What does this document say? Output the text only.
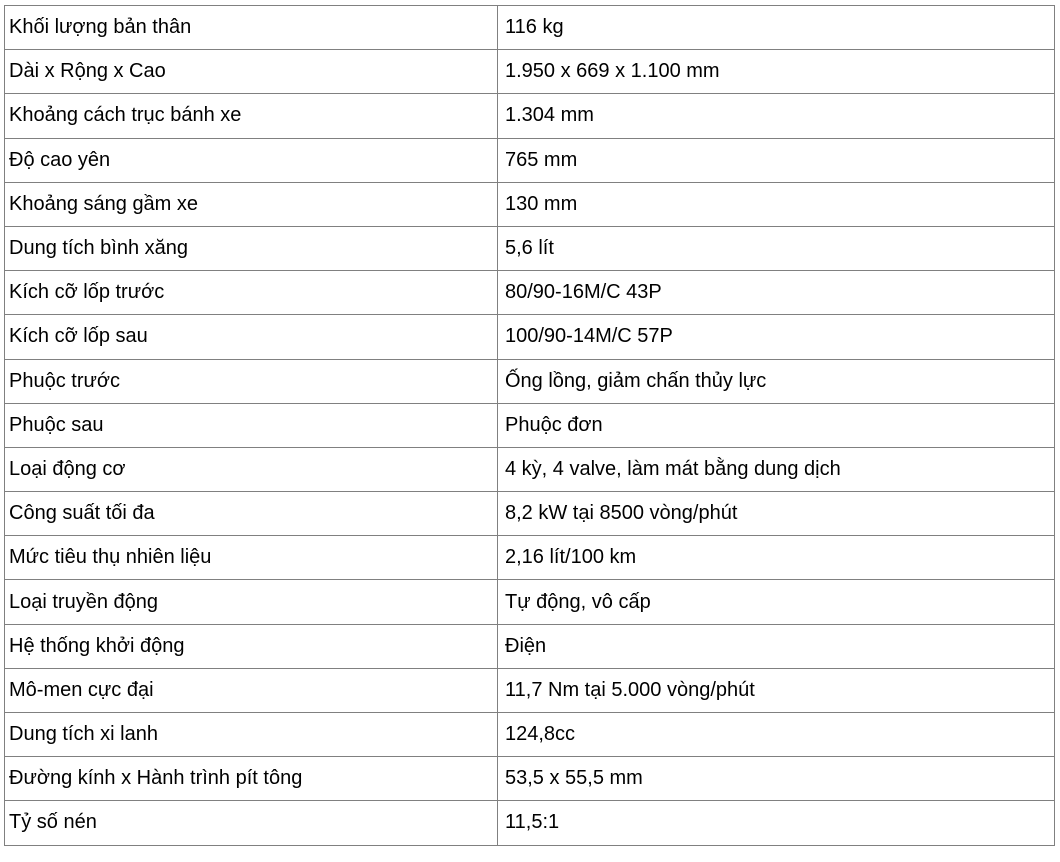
Khối lượng bản thân	116 kg
Dài x Rộng x Cao	1.950 x 669 x 1.100 mm
Khoảng cách trục bánh xe	1.304 mm
Độ cao yên	765 mm
Khoảng sáng gầm xe	130 mm
Dung tích bình xăng	5,6 lít
Kích cỡ lốp trước	80/90-16M/C 43P
Kích cỡ lốp sau	100/90-14M/C 57P
Phuộc trước	Ống lồng, giảm chấn thủy lực
Phuộc sau	Phuộc đơn
Loại động cơ	4 kỳ, 4 valve, làm mát bằng dung dịch
Công suất tối đa	8,2 kW tại 8500 vòng/phút
Mức tiêu thụ nhiên liệu	2,16 lít/100 km
Loại truyền động	Tự động, vô cấp
Hệ thống khởi động	Điện
Mô-men cực đại	11,7 Nm tại 5.000 vòng/phút
Dung tích xi lanh	124,8cc
Đường kính x Hành trình pít tông	53,5 x 55,5 mm
Tỷ số nén	11,5:1
